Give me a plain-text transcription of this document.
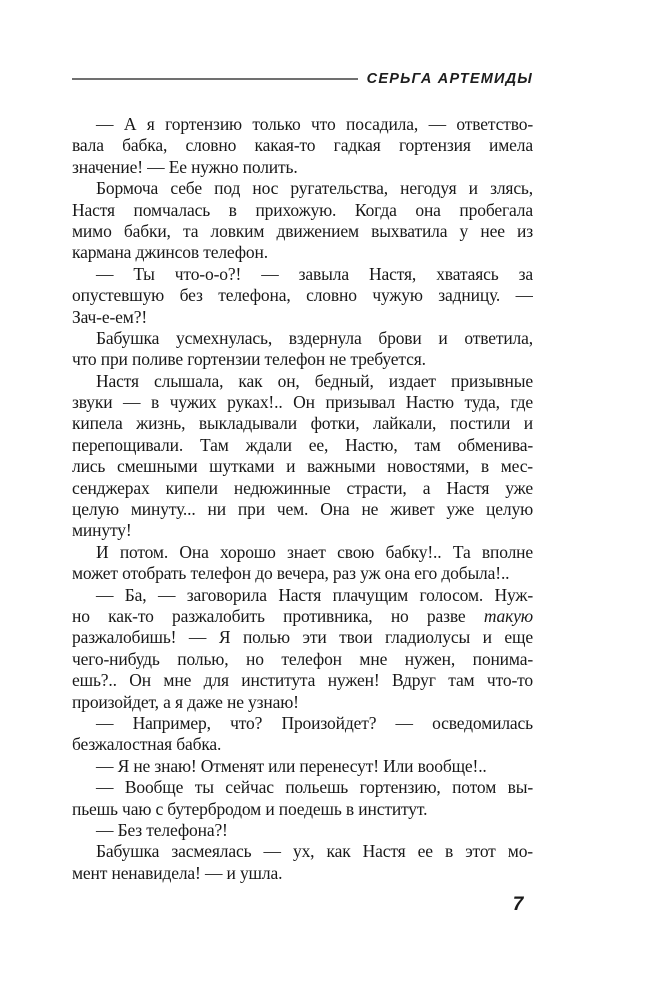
СЕРЬГА АРТЕМИДЫ
— А я гортензию только что посадила, — ответство-
вала бабка, словно какая-то гадкая гортензия имела
значение! — Ее нужно полить.
Бормоча себе под нос ругательства, негодуя и злясь,
Настя помчалась в прихожую. Когда она пробегала
мимо бабки, та ловким движением выхватила у нее из
кармана джинсов телефон.
— Ты что-о-о?! — завыла Настя, хватаясь за
опустевшую без телефона, словно чужую задницу. —
Зач-е-ем?!
Бабушка усмехнулась, вздернула брови и ответила,
что при поливе гортензии телефон не требуется.
Настя слышала, как он, бедный, издает призывные
звуки — в чужих руках!.. Он призывал Настю туда, где
кипела жизнь, выкладывали фотки, лайкали, постили и
перепощивали. Там ждали ее, Настю, там обменива-
лись смешными шутками и важными новостями, в мес-
сенджерах кипели недюжинные страсти, а Настя уже
целую минуту... ни при чем. Она не живет уже целую
минуту!
И потом. Она хорошо знает свою бабку!.. Та вполне
может отобрать телефон до вечера, раз уж она его добыла!..
— Ба, — заговорила Настя плачущим голосом. Нуж-
но как-то разжалобить противника, но разве такую
разжалобишь! — Я полью эти твои гладиолусы и еще
чего-нибудь полью, но телефон мне нужен, понима-
ешь?.. Он мне для института нужен! Вдруг там что-то
произойдет, а я даже не узнаю!
— Например, что? Произойдет? — осведомилась
безжалостная бабка.
— Я не знаю! Отменят или перенесут! Или вообще!..
— Вообще ты сейчас польешь гортензию, потом вы-
пьешь чаю с бутербродом и поедешь в институт.
— Без телефона?!
Бабушка засмеялась — ух, как Настя ее в этот мо-
мент ненавидела! — и ушла.
7
